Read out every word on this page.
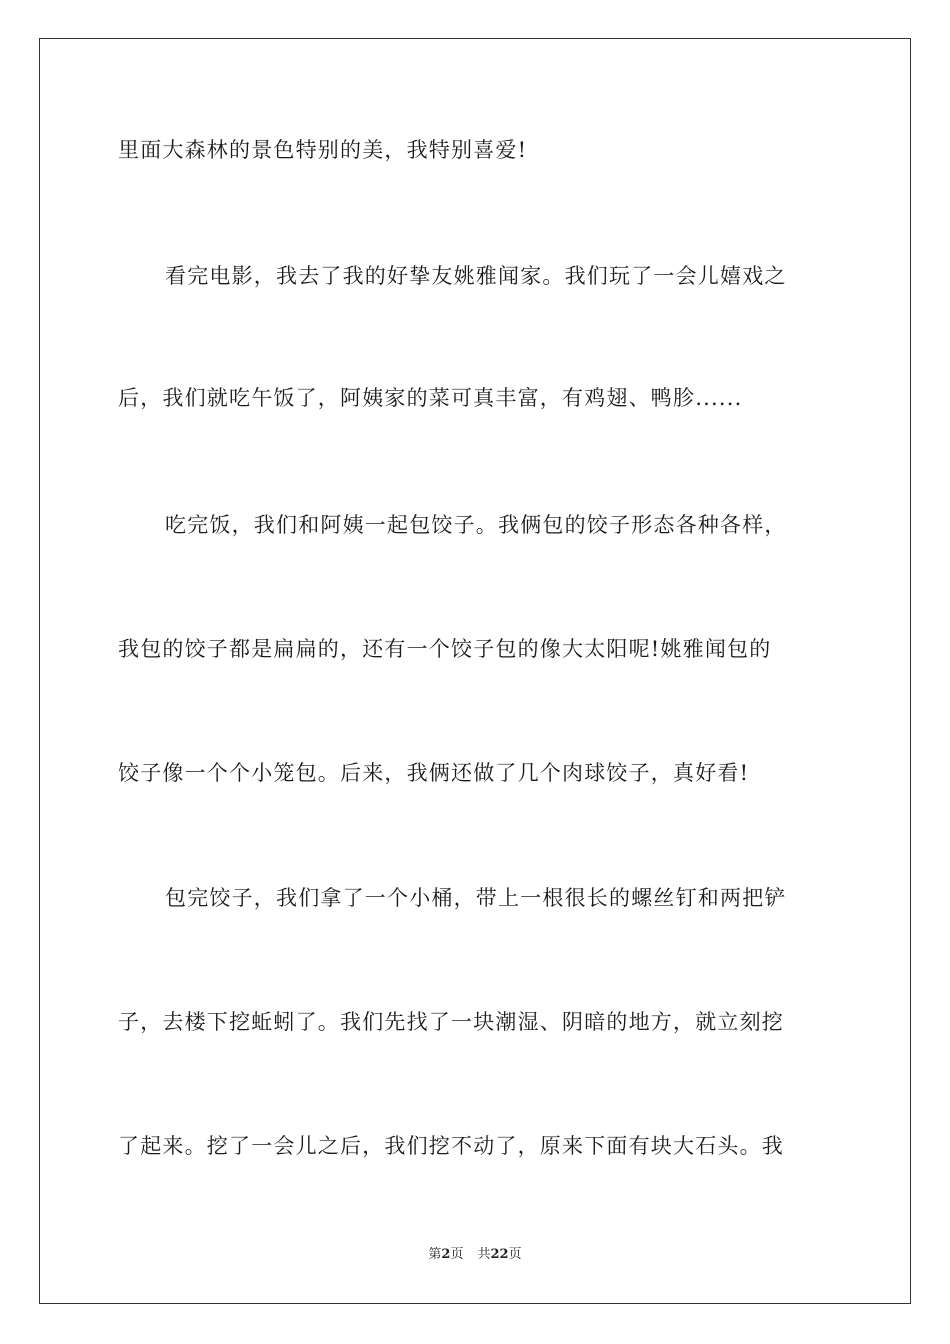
里面大森林的景色特别的美，我特别喜爱!
看完电影，我去了我的好挚友姚雅闻家。我们玩了一会儿嬉戏之
后，我们就吃午饭了，阿姨家的菜可真丰富，有鸡翅、鸭胗......
吃完饭，我们和阿姨一起包饺子。我俩包的饺子形态各种各样，
我包的饺子都是扁扁的，还有一个饺子包的像大太阳呢!姚雅闻包的
饺子像一个个小笼包。后来，我俩还做了几个肉球饺子，真好看!
包完饺子，我们拿了一个小桶，带上一根很长的螺丝钉和两把铲
子，去楼下挖蚯蚓了。我们先找了一块潮湿、阴暗的地方，就立刻挖
了起来。挖了一会儿之后，我们挖不动了，原来下面有块大石头。我
第2页 共22页
